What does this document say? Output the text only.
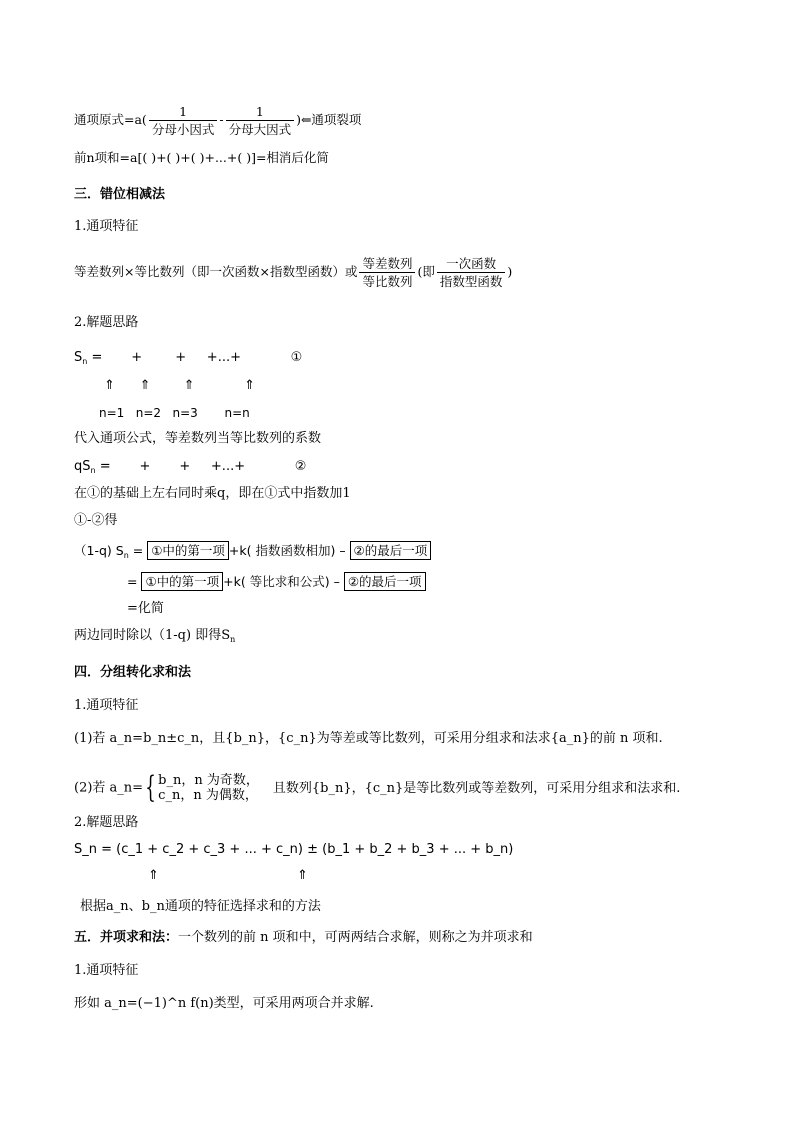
通项原式$=a( \frac{1}{\text{分母小因式}} - \frac{1}{\text{分母大因式}}$ )⇐通项裂项
前n项和=a[( )+( )+( )+...+( )]=相消后化简
三．错位相减法
1.通项特征
等差数列×等比数列（即一次函数×指数型函数）或 $\frac{\text{等差数列}}{\text{等比数列}}$ (即 $\frac{\text{一次函数}}{\text{指数型函数}}$ )
2.解题思路
$S_n$ =       +        +     +...+            ①
⇑      ⇑        ⇑            ⇑
n=1   n=2   n=3       n=n
代入通项公式，等差数列当等比数列的系数
$qS_n$ =       +       +     +...+            ②
在①的基础上左右同时乘q，即在①式中指数加1
①-②得
（1-q) $S_n$ = ①中的第一项 +k( 指数函数相加) – ②的最后一项
= ①中的第一项 +k( 等比求和公式) – ②的最后一项
=化简
两边同时除以（1-q) 即得$S_n$
四．分组转化求和法
1.通项特征
(1)若 a_n=b_n±c_n，且{b_n}，{c_n}为等差或等比数列，可采用分组求和法求{a_n}的前 n 项和.
(2)若 a_n={ b_n，n 为奇数，
c_n，n 为偶数， 且数列{b_n}，{c_n}是等比数列或等差数列，可采用分组求和法求和.
2.解题思路
S_n = (c_1 + c_2 + c_3 + ... + c_n) ± (b_1 + b_2 + b_3 + ... + b_n)
⇑	⇑
根据a_n、b_n通项的特征选择求和的方法
五．并项求和法：一个数列的前 n 项和中，可两两结合求解，则称之为并项求和
1.通项特征
形如 a_n=(−1)^n f(n)类型，可采用两项合并求解.
